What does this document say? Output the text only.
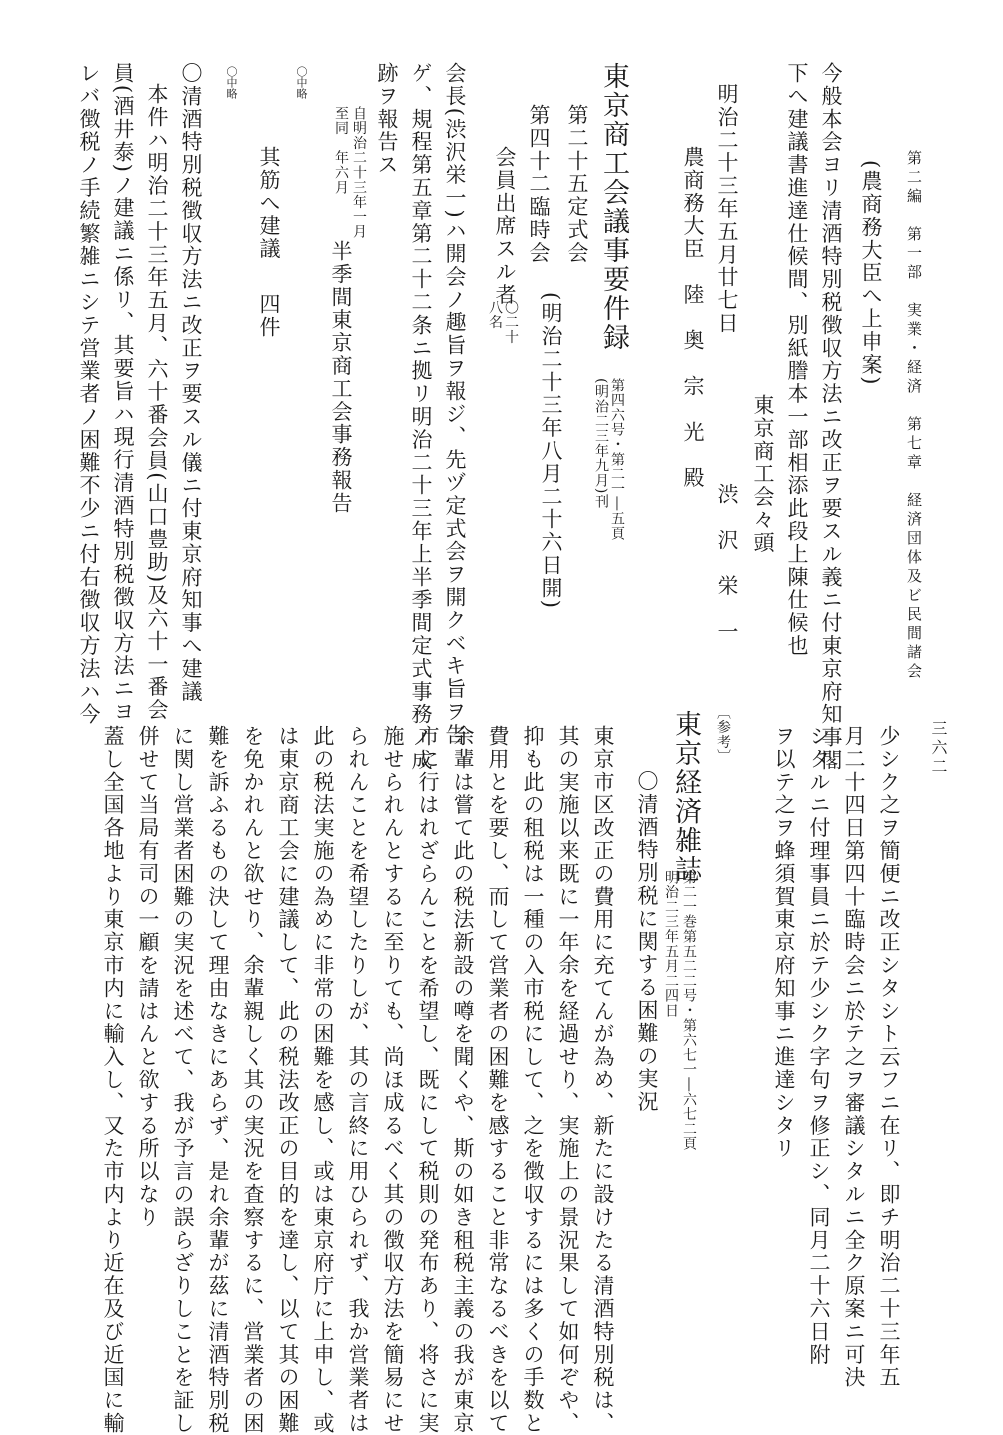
第二編　第一部　実業・経済　第七章　経済団体及ビ民間諸会
三六二
(農商務大臣へ上申案)
今般本会ヨリ清酒特別税徴収方法ニ改正ヲ要スル義ニ付東京府知事閣
下へ建議書進達仕候間、別紙謄本一部相添此段上陳仕候也
東京商工会々頭
明治二十三年五月廿七日
渋　沢　栄　一
農商務大臣　陸　奥　宗　光　殿
東京商工会議事要件録
第四六号・第二一―五頁
(明治二三年九月)刊
第二十五定式会
(明治二十三年八月二十六日開)
第四十二臨時会
会員出席スル者
〇二十
八名
会長(渋沢栄一)ハ開会ノ趣旨ヲ報ジ、先ヅ定式会ヲ開クベキ旨ヲ告
ゲ、規程第五章第二十二条ニ拠リ明治二十三年上半季間定式事務ノ成
跡ヲ報告ス
自明治二十三年一月
至同　年六月
半季間東京商工会事務報告
〇中略
其筋へ建議
四件
〇中略
〇清酒特別税徴収方法ニ改正ヲ要スル儀ニ付東京府知事へ建議
本件ハ明治二十三年五月、六十番会員(山口豊助)及六十一番会
員(酒井泰)ノ建議ニ係リ、其要旨ハ現行清酒特別税徴収方法ニヨ
レバ徴税ノ手続繁雑ニシテ営業者ノ困難不少ニ付右徴収方法ハ今
少シク之ヲ簡便ニ改正シタシト云フニ在リ、即チ明治二十三年五
月二十四日第四十臨時会ニ於テ之ヲ審議シタルニ全ク原案ニ可決
シタルニ付理事員ニ於テ少シク字句ヲ修正シ、同月二十六日附
ヲ以テ之ヲ蜂須賀東京府知事ニ進達シタリ
〔参考〕
東京経済雑誌
第二一巻第五二二号・第六七一―六七二頁
明治二三年五月二四日
〇清酒特別税に関する困難の実況
東京市区改正の費用に充てんが為め、新たに設けたる清酒特別税は、
其の実施以来既に一年余を経過せり、実施上の景況果して如何ぞや、
抑も此の租税は一種の入市税にして、之を徴収するには多くの手数と
費用とを要し、而して営業者の困難を感すること非常なるべきを以て
余輩は嘗て此の税法新設の噂を聞くや、斯の如き租税主義の我が東京
市に行はれざらんことを希望し、既にして税則の発布あり、将さに実
施せられんとするに至りても、尚ほ成るべく其の徴収方法を簡易にせ
られんことを希望したりしが、其の言終に用ひられず、我か営業者は
此の税法実施の為めに非常の困難を感し、或は東京府庁に上申し、或
は東京商工会に建議して、此の税法改正の目的を達し、以て其の困難
を免かれんと欲せり、余輩親しく其の実況を査察するに、営業者の困
難を訴ふるもの決して理由なきにあらず、是れ余輩が茲に清酒特別税
に関し営業者困難の実況を述べて、我が予言の誤らざりしことを証し
併せて当局有司の一顧を請はんと欲する所以なり
蓋し全国各地より東京市内に輸入し、又た市内より近在及び近国に輸
